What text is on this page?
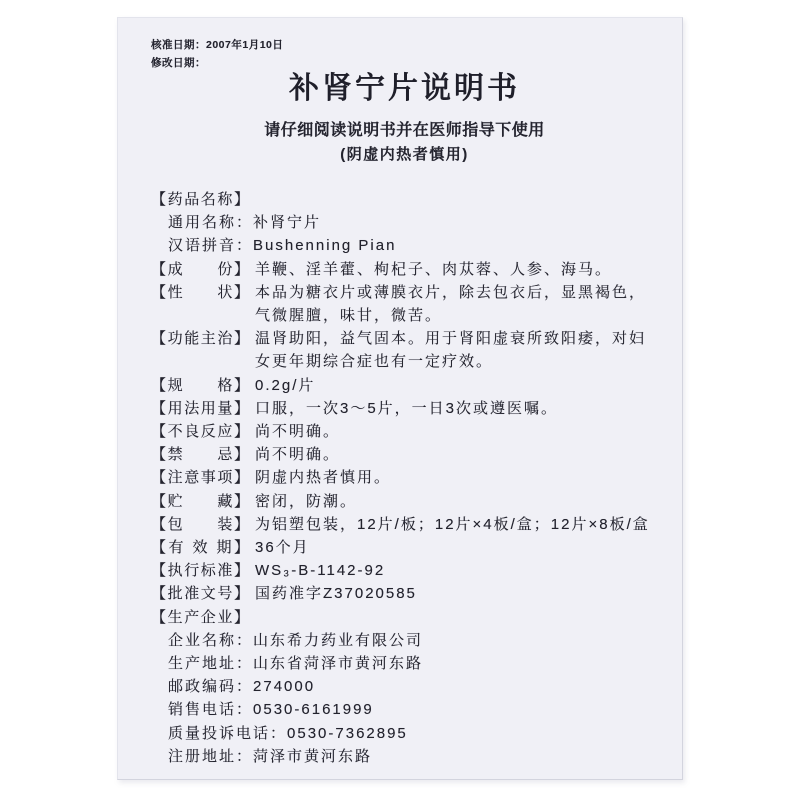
核准日期：2007年1月10日
修改日期：
补肾宁片说明书
请仔细阅读说明书并在医师指导下使用
(阴虚内热者慎用)
【药品名称】
通用名称：补肾宁片
汉语拼音：Bushenning Pian
【成　　份】 羊鞭、淫羊藿、枸杞子、肉苁蓉、人参、海马。
【性　　状】 本品为糖衣片或薄膜衣片，除去包衣后，显黑褐色，气微腥膻，味甘，微苦。
【功能主治】 温肾助阳，益气固本。用于肾阳虚衰所致阳痿，对妇女更年期综合症也有一定疗效。
【规　　格】 0.2g/片
【用法用量】 口服，一次3～5片，一日3次或遵医嘱。
【不良反应】 尚不明确。
【禁　　忌】 尚不明确。
【注意事项】 阴虚内热者慎用。
【贮　　藏】 密闭，防潮。
【包　　装】 为铝塑包装，12片/板；12片×4板/盒；12片×8板/盒
【有 效 期】 36个月
【执行标准】 WS₃-B-1142-92
【批准文号】 国药准字Z37020585
【生产企业】
企业名称：山东希力药业有限公司
生产地址：山东省菏泽市黄河东路
邮政编码：274000
销售电话：0530-6161999
质量投诉电话：0530-7362895
注册地址：菏泽市黄河东路
